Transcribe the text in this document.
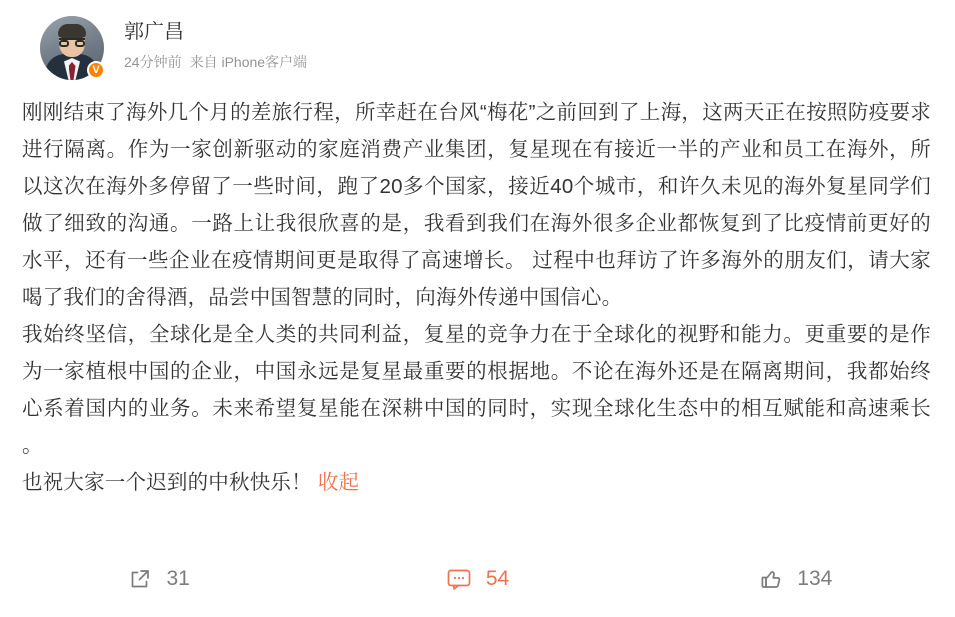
V
郭广昌
24分钟前 来自 iPhone客户端

刚刚结束了海外几个月的差旅行程，所幸赶在台风“梅花”之前回到了上海，这两天正在按照防疫要求进行隔离。作为一家创新驱动的家庭消费产业集团，复星现在有接近一半的产业和员工在海外，所以这次在海外多停留了一些时间，跑了20多个国家，接近40个城市，和许久未见的海外复星同学们做了细致的沟通。一路上让我很欣喜的是，我看到我们在海外很多企业都恢复到了比疫情前更好的水平，还有一些企业在疫情期间更是取得了高速增长。 过程中也拜访了许多海外的朋友们，请大家喝了我们的舍得酒，品尝中国智慧的同时，向海外传递中国信心。

我始终坚信，全球化是全人类的共同利益，复星的竞争力在于全球化的视野和能力。更重要的是作为一家植根中国的企业，中国永远是复星最重要的根据地。不论在海外还是在隔离期间，我都始终心系着国内的业务。未来希望复星能在深耕中国的同时，实现全球化生态中的相互赋能和高速乘长 。

也祝大家一个迟到的中秋快乐！ 收起

31	54	134
